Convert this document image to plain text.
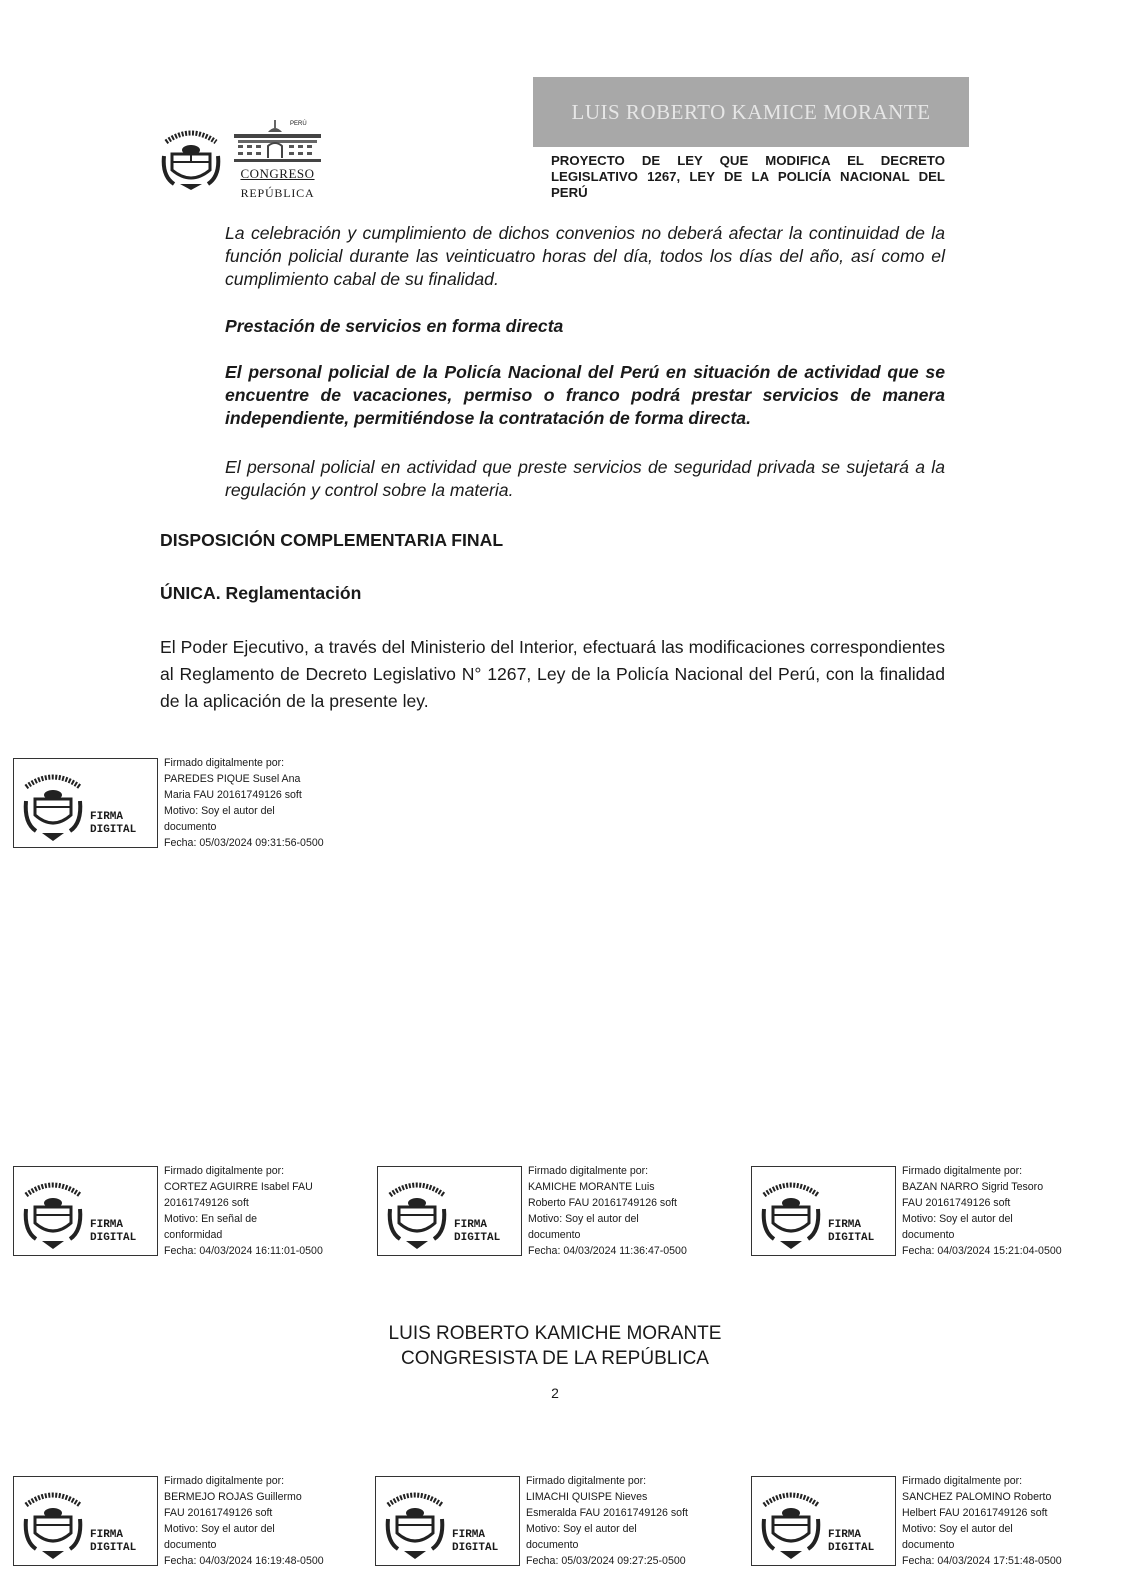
LUIS ROBERTO KAMICE MORANTE
PERÚ
CONGRESO
REPÚBLICA
PROYECTO DE LEY QUE MODIFICA EL DECRETO LEGISLATIVO 1267, LEY DE LA POLICÍA NACIONAL DEL PERÚ
La celebración y cumplimiento de dichos convenios no deberá afectar la continuidad de la función policial durante las veinticuatro horas del día, todos los días del año, así como el cumplimiento cabal de su finalidad.
Prestación de servicios en forma directa
El personal policial de la Policía Nacional del Perú en situación de actividad que se encuentre de vacaciones, permiso o franco podrá prestar servicios de manera independiente, permitiéndose la contratación de forma directa.
El personal policial en actividad que preste servicios de seguridad privada se sujetará a la regulación y control sobre la materia.
DISPOSICIÓN COMPLEMENTARIA FINAL
ÚNICA. Reglamentación
El Poder Ejecutivo, a través del Ministerio del Interior, efectuará las modificaciones correspondientes al Reglamento de Decreto Legislativo N° 1267, Ley de la Policía Nacional del Perú, con la finalidad de la aplicación de la presente ley.
FIRMA
DIGITAL
Firmado digitalmente por:
PAREDES PIQUE Susel Ana
Maria FAU 20161749126 soft
Motivo: Soy el autor del
documento
Fecha: 05/03/2024 09:31:56-0500
FIRMA
DIGITAL
Firmado digitalmente por:
CORTEZ AGUIRRE Isabel FAU
20161749126 soft
Motivo: En señal de
conformidad
Fecha: 04/03/2024 16:11:01-0500
FIRMA
DIGITAL
Firmado digitalmente por:
KAMICHE MORANTE Luis
Roberto FAU 20161749126 soft
Motivo: Soy el autor del
documento
Fecha: 04/03/2024 11:36:47-0500
FIRMA
DIGITAL
Firmado digitalmente por:
BAZAN NARRO Sigrid Tesoro
FAU 20161749126 soft
Motivo: Soy el autor del
documento
Fecha: 04/03/2024 15:21:04-0500
LUIS ROBERTO KAMICHE MORANTE
CONGRESISTA DE LA REPÚBLICA
2
FIRMA
DIGITAL
Firmado digitalmente por:
BERMEJO ROJAS Guillermo
FAU 20161749126 soft
Motivo: Soy el autor del
documento
Fecha: 04/03/2024 16:19:48-0500
FIRMA
DIGITAL
Firmado digitalmente por:
LIMACHI QUISPE Nieves
Esmeralda FAU 20161749126 soft
Motivo: Soy el autor del
documento
Fecha: 05/03/2024 09:27:25-0500
FIRMA
DIGITAL
Firmado digitalmente por:
SANCHEZ PALOMINO Roberto
Helbert FAU 20161749126 soft
Motivo: Soy el autor del
documento
Fecha: 04/03/2024 17:51:48-0500
